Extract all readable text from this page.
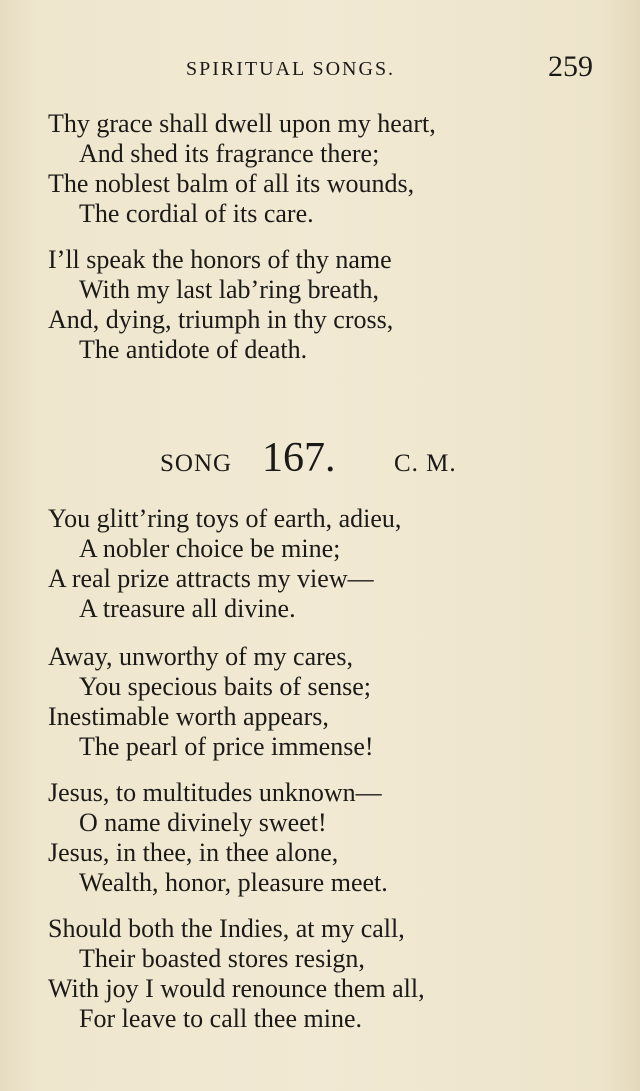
SPIRITUAL SONGS.	259
Thy grace shall dwell upon my heart,
And shed its fragrance there;
The noblest balm of all its wounds,
The cordial of its care.
I’ll speak the honors of thy name
With my last lab’ring breath,
And, dying, triumph in thy cross,
The antidote of death.
SONG 167. C. M.
You glitt’ring toys of earth, adieu,
A nobler choice be mine;
A real prize attracts my view—
A treasure all divine.
Away, unworthy of my cares,
You specious baits of sense;
Inestimable worth appears,
The pearl of price immense!
Jesus, to multitudes unknown—
O name divinely sweet!
Jesus, in thee, in thee alone,
Wealth, honor, pleasure meet.
Should both the Indies, at my call,
Their boasted stores resign,
With joy I would renounce them all,
For leave to call thee mine.
